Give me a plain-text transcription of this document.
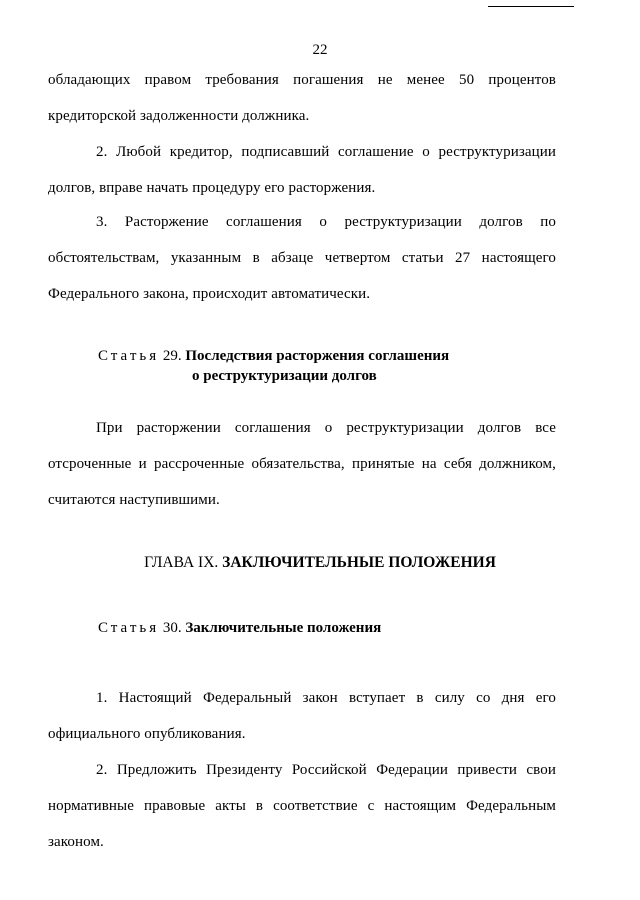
22

обладающих правом требования погашения не менее 50 процентов

кредиторской задолженности должника.

2. Любой кредитор, подписавший соглашение о реструктуризации долгов, вправе начать процедуру его расторжения.

3. Расторжение соглашения о реструктуризации долгов по обстоятельствам, указанным в абзаце четвертом статьи 27 настоящего Федерального закона, происходит автоматически.

Статья 29. Последствия расторжения соглашения
о реструктуризации долгов

При расторжении соглашения о реструктуризации долгов все отсроченные и рассроченные обязательства, принятые на себя должником, считаются наступившими.

ГЛАВА IX. ЗАКЛЮЧИТЕЛЬНЫЕ ПОЛОЖЕНИЯ

Статья 30. Заключительные положения

1. Настоящий Федеральный закон вступает в силу со дня его официального опубликования.

2. Предложить Президенту Российской Федерации привести свои нормативные правовые акты в соответствие с настоящим Федеральным законом.
